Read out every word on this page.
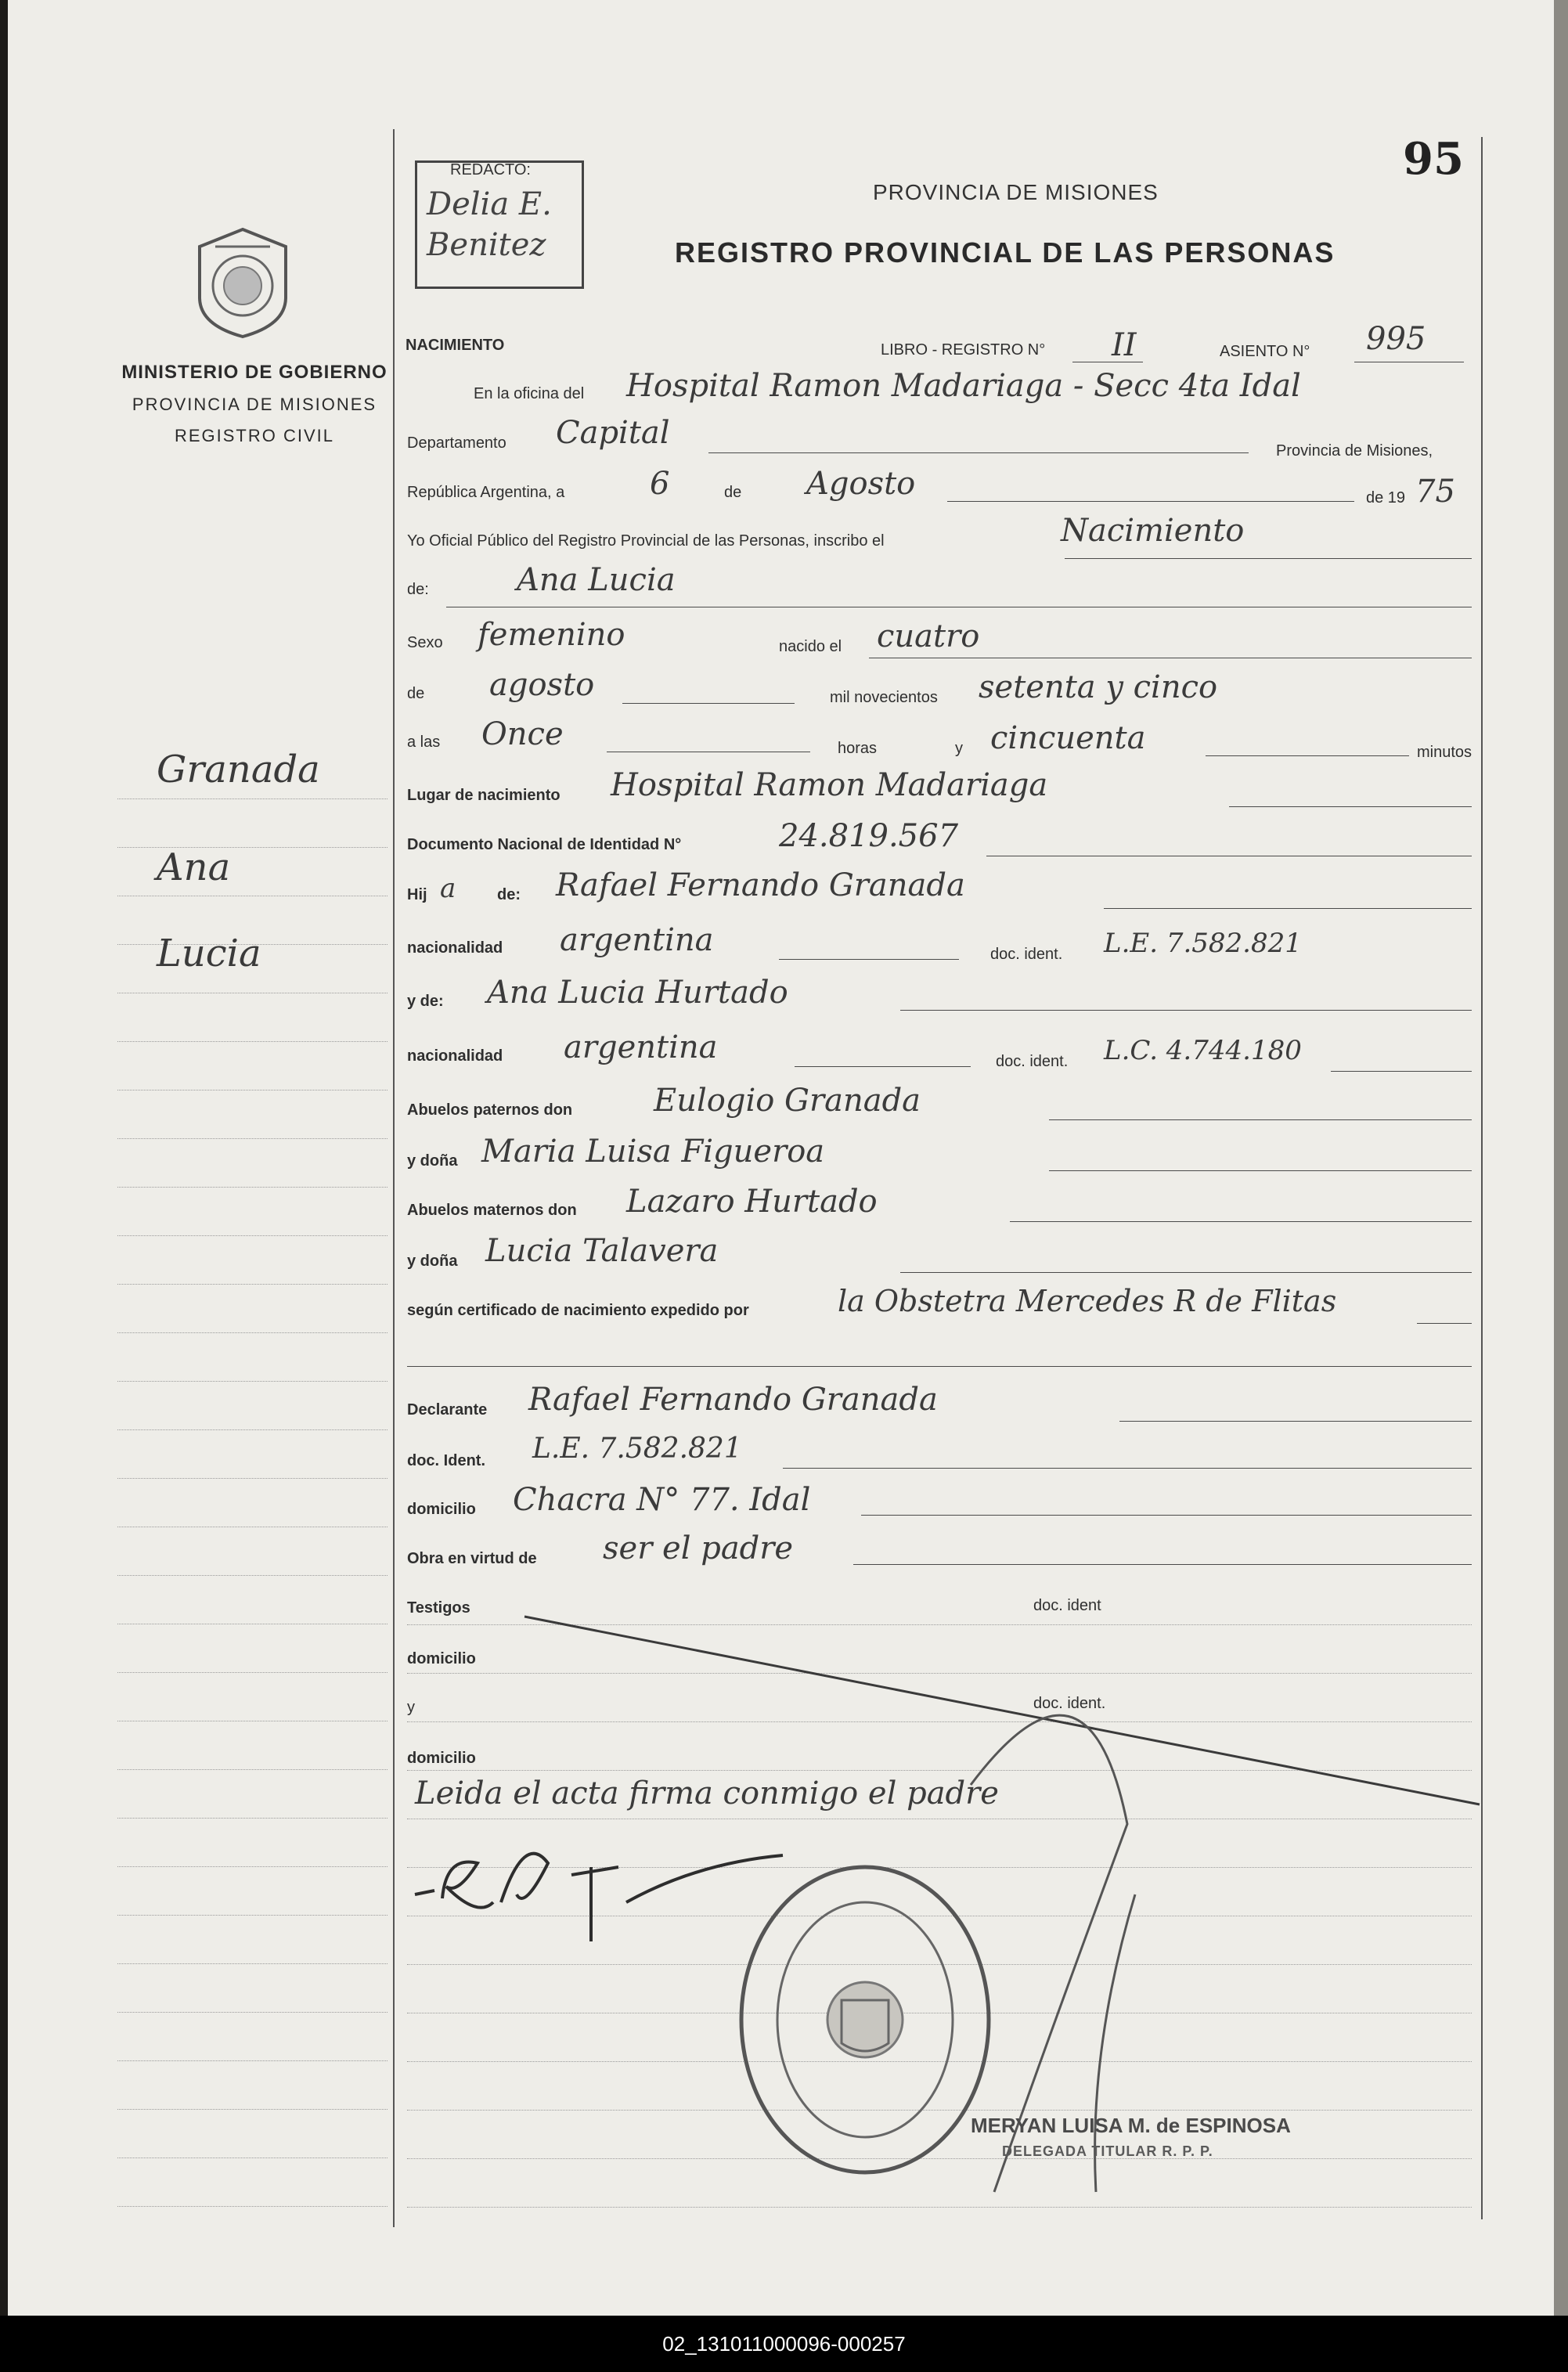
MINISTERIO DE GOBIERNO
PROVINCIA DE MISIONES
REGISTRO CIVIL
Granada
Ana
Lucia
REDACTO:
Delia E.
Benitez
PROVINCIA DE MISIONES
REGISTRO PROVINCIAL DE LAS PERSONAS
95
NACIMIENTO	LIBRO - REGISTRO N° II	ASIENTO N° 995
En la oficina del Hospital Ramon Madariaga - Secc 4ta Idal
Departamento Capital	Provincia de Misiones,
República Argentina, a	6	de Agosto	de 19 75
Yo Oficial Público del Registro Provincial de las Personas, inscribo el	Nacimiento
de:	Ana Lucia
Sexo femenino	nacido el cuatro
de agosto	mil novecientos setenta y cinco
a las Once	horas	y cincuenta	minutos
Lugar de nacimiento Hospital Ramon Madariaga
Documento Nacional de Identidad N°	24.819.567
Hij a	de: Rafael Fernando Granada
nacionalidad argentina	doc. ident. L.E. 7.582.821
y de: Ana Lucia Hurtado
nacionalidad argentina	doc. ident. L.C. 4.744.180
Abuelos paternos don	Eulogio Granada
y doña Maria Luisa Figueroa
Abuelos maternos don Lazaro Hurtado
y doña Lucia Talavera
según certificado de nacimiento expedido por	la Obstetra Mercedes R de Flitas
Declarante Rafael Fernando Granada
doc. Ident. L.E. 7.582.821
domicilio Chacra N° 77. Idal
Obra en virtud de ser el padre
Testigos	doc. ident
domicilio
y	doc. ident.
domicilio
Leida el acta firma conmigo el padre
MERYAN LUISA M. de ESPINOSA
DELEGADA TITULAR R. P. P.
02_131011000096-000257
